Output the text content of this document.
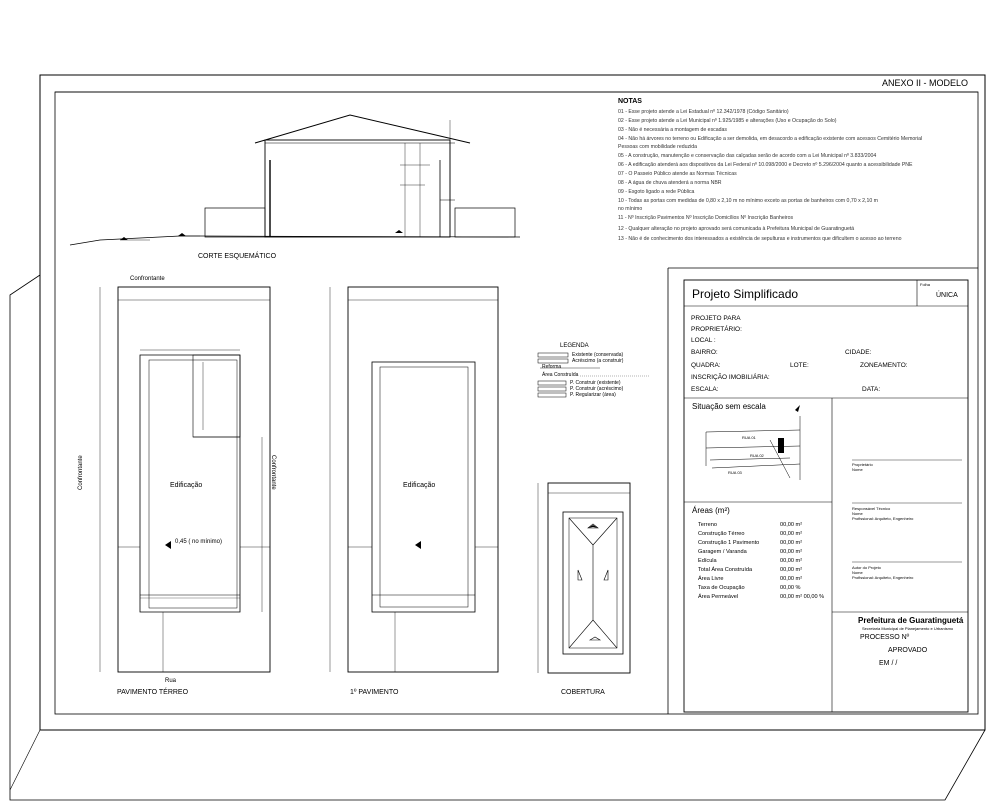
ANEXO II - MODELO
NOTAS
01 - Esse projeto atende a Lei Estadual nº 12.342/1978 (Código Sanitário)
02 - Esse projeto atende a Lei Municipal nº 1.925/1985 e alterações (Uso e Ocupação do Solo)
03 - Não é necessária a montagem de escadas
04 - Não há árvores no terreno ou Edificação a ser demolida, em desacordo a edificação existente com acessos Cemitério Memorial
Pessoas com mobilidade reduzida
05 - A construção, manutenção e conservação das calçadas serão de acordo com a Lei Municipal nº 3.833/2004
06 - A edificação atenderá aos dispositivos da Lei Federal nº 10.098/2000 e Decreto nº 5.296/2004 quanto a acessibilidade PNE
07 - O Passeio Público atende as Normas Técnicas
08 - A água de chuva atenderá a norma NBR
09 - Esgoto ligado a rede Pública
10 - Todas as portas com medidas de 0,80 x 2,10 m no mínimo exceto as portas de banheiros com 0,70 x 2,10 m
no mínimo
11 - Nº Inscrição Pavimentos Nº Inscrição Domicílios Nº Inscrição Banheiros
12 - Qualquer alteração no projeto aprovado será comunicada à Prefeitura Municipal de Guaratinguetá
13 - Não é de conhecimento dos interessados a existência de sepulturas e instrumentos que dificultem o acesso ao terreno
CORTE ESQUEMÁTICO
Confrontante
Confrontante	Confrontante
Edificação	Edificação
0,45 ( no mínimo)
Rua
PAVIMENTO TÉRREO	1º PAVIMENTO	COBERTURA
LEGENDA
Existente (conservada)
Acréscimo (a construir)
Reforma
Área Construída
P. Construir (existente)
P. Construir (acréscimo)
P. Regularizar (área)
Projeto Simplificado
Folha
ÚNICA
PROJETO PARA
PROPRIETÁRIO:
LOCAL :
BAIRRO:
QUADRA:
INSCRIÇÃO IMOBILIÁRIA:
ESCALA:
CIDADE:
LOTE:	ZONEAMENTO:
DATA:
Situação sem escala
RUA 01
RUA 02
RUA 03
Áreas (m²)
Terreno	00,00 m²
Construção Térreo	00,00 m²
Construção 1 Pavimento	00,00 m²
Garagem / Varanda	00,00 m²
Edícula	00,00 m²
Total Área Construída	00,00 m²
Área Livre	00,00 m²
Taxa de Ocupação	00,00 %
Área Permeável	00,00 m² 00,00 %
Proprietário
Nome
Responsável Técnico
Nome
Profissional: Arquiteto, Engenheiro
Autor do Projeto
Nome
Profissional: Arquiteto, Engenheiro
Prefeitura de Guaratinguetá
Secretaria Municipal de Planejamento e Urbanismo
PROCESSO Nº
APROVADO
EM / /
